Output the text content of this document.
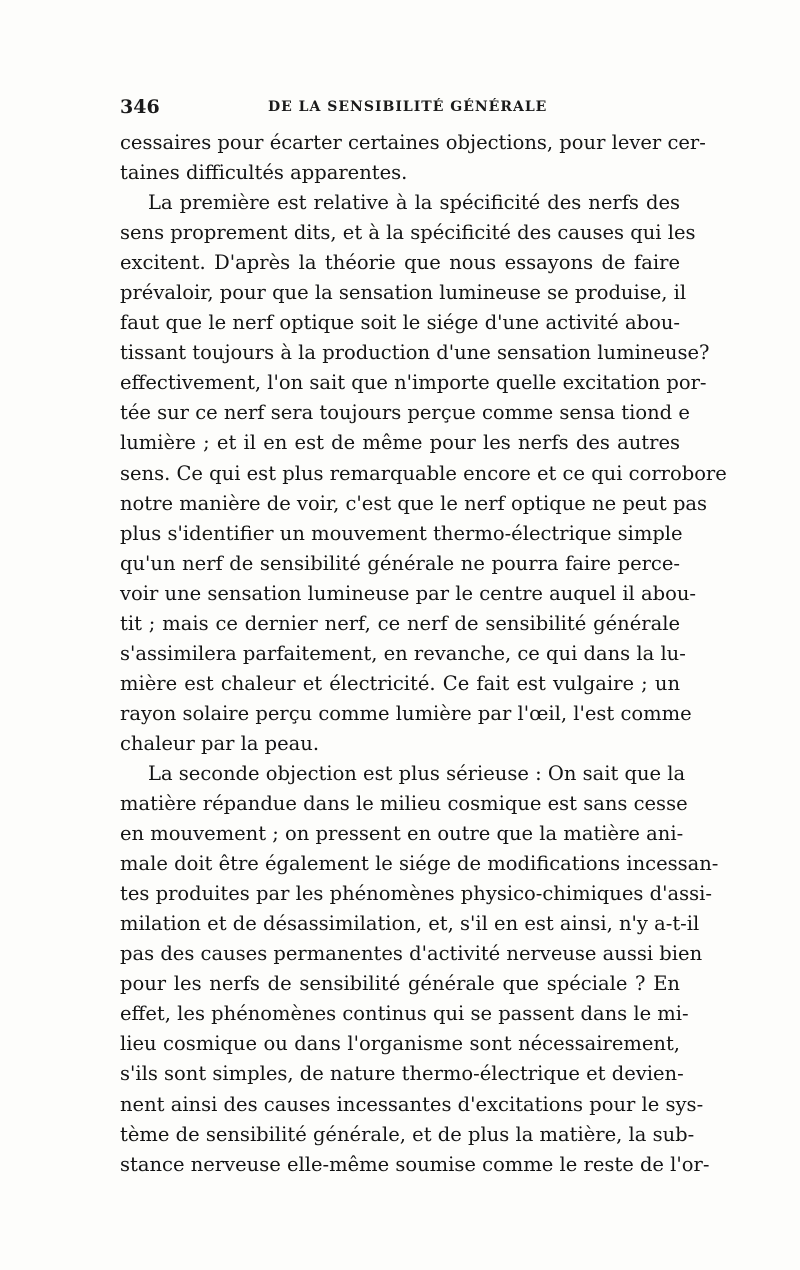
346	DE LA SENSIBILITÉ GÉNÉRALE
cessaires pour écarter certaines objections, pour lever cer-
taines difficultés apparentes.
La première est relative à la spécificité des nerfs des
sens proprement dits, et à la spécificité des causes qui les
excitent. D'après la théorie que nous essayons de faire
prévaloir, pour que la sensation lumineuse se produise, il
faut que le nerf optique soit le siége d'une activité abou-
tissant toujours à la production d'une sensation lumineuse?
effectivement, l'on sait que n'importe quelle excitation por-
tée sur ce nerf sera toujours perçue comme sensa tiond e
lumière ; et il en est de même pour les nerfs des autres
sens. Ce qui est plus remarquable encore et ce qui corrobore
notre manière de voir, c'est que le nerf optique ne peut pas
plus s'identifier un mouvement thermo-électrique simple
qu'un nerf de sensibilité générale ne pourra faire perce-
voir une sensation lumineuse par le centre auquel il abou-
tit ; mais ce dernier nerf, ce nerf de sensibilité générale
s'assimilera parfaitement, en revanche, ce qui dans la lu-
mière est chaleur et électricité. Ce fait est vulgaire ; un
rayon solaire perçu comme lumière par l'œil, l'est comme
chaleur par la peau.
La seconde objection est plus sérieuse : On sait que la
matière répandue dans le milieu cosmique est sans cesse
en mouvement ; on pressent en outre que la matière ani-
male doit être également le siége de modifications incessan-
tes produites par les phénomènes physico-chimiques d'assi-
milation et de désassimilation, et, s'il en est ainsi, n'y a-t-il
pas des causes permanentes d'activité nerveuse aussi bien
pour les nerfs de sensibilité générale que spéciale ? En
effet, les phénomènes continus qui se passent dans le mi-
lieu cosmique ou dans l'organisme sont nécessairement,
s'ils sont simples, de nature thermo-électrique et devien-
nent ainsi des causes incessantes d'excitations pour le sys-
tème de sensibilité générale, et de plus la matière, la sub-
stance nerveuse elle-même soumise comme le reste de l'or-
